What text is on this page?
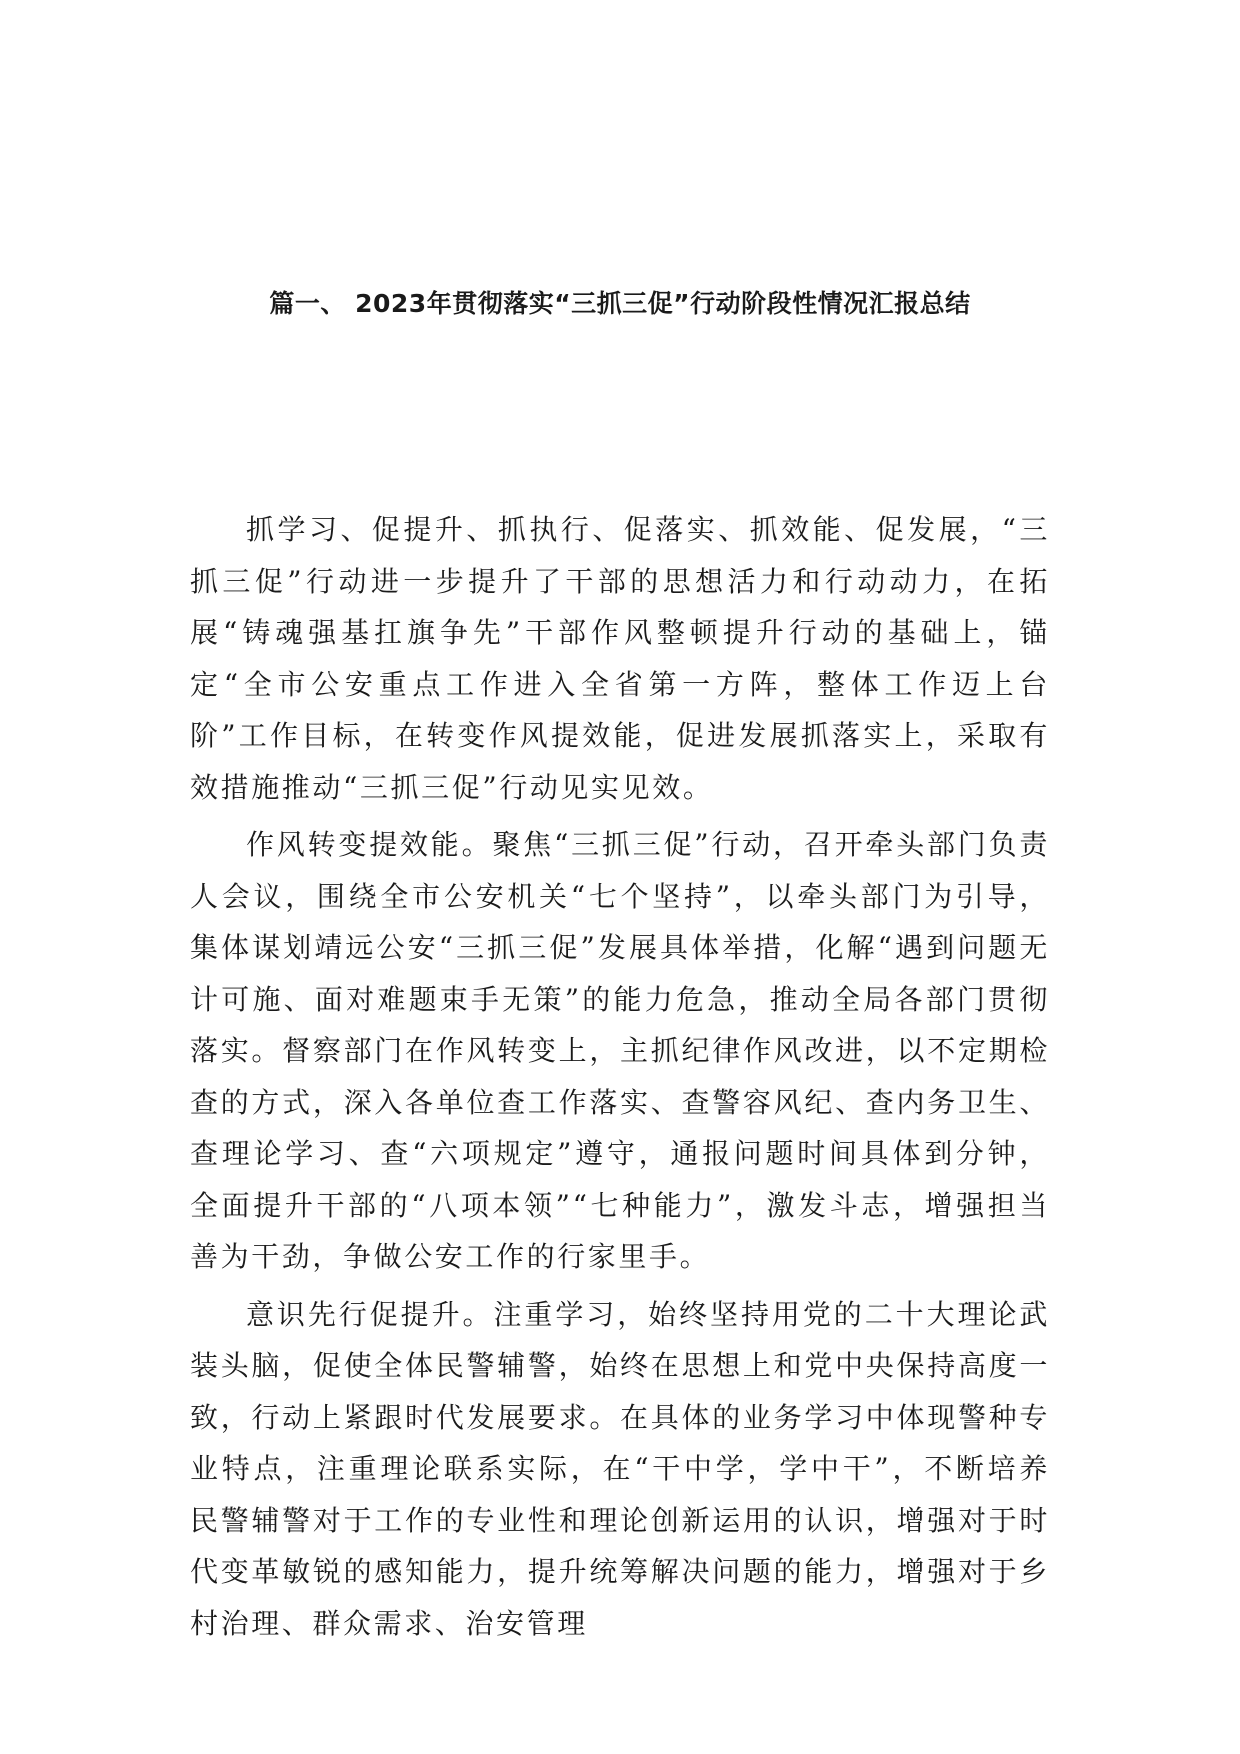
篇一、 2023年贯彻落实“三抓三促”行动阶段性情况汇报总结

抓学习、促提升、抓执行、促落实、抓效能、促发展，“三抓三促”行动进一步提升了干部的思想活力和行动动力，在拓展“铸魂强基扛旗争先”干部作风整顿提升行动的基础上，锚定“全市公安重点工作进入全省第一方阵，整体工作迈上台阶”工作目标，在转变作风提效能，促进发展抓落实上，采取有效措施推动“三抓三促”行动见实见效。

作风转变提效能。聚焦“三抓三促”行动，召开牵头部门负责人会议，围绕全市公安机关“七个坚持”，以牵头部门为引导，集体谋划靖远公安“三抓三促”发展具体举措，化解“遇到问题无计可施、面对难题束手无策”的能力危急，推动全局各部门贯彻落实。督察部门在作风转变上，主抓纪律作风改进，以不定期检查的方式，深入各单位查工作落实、查警容风纪、查内务卫生、查理论学习、查“六项规定”遵守，通报问题时间具体到分钟，全面提升干部的“八项本领”“七种能力”，激发斗志，增强担当善为干劲，争做公安工作的行家里手。

意识先行促提升。注重学习，始终坚持用党的二十大理论武装头脑，促使全体民警辅警，始终在思想上和党中央保持高度一致，行动上紧跟时代发展要求。在具体的业务学习中体现警种专业特点，注重理论联系实际，在“干中学，学中干”，不断培养民警辅警对于工作的专业性和理论创新运用的认识，增强对于时代变革敏锐的感知能力，提升统筹解决问题的能力，增强对于乡村治理、群众需求、治安管理
